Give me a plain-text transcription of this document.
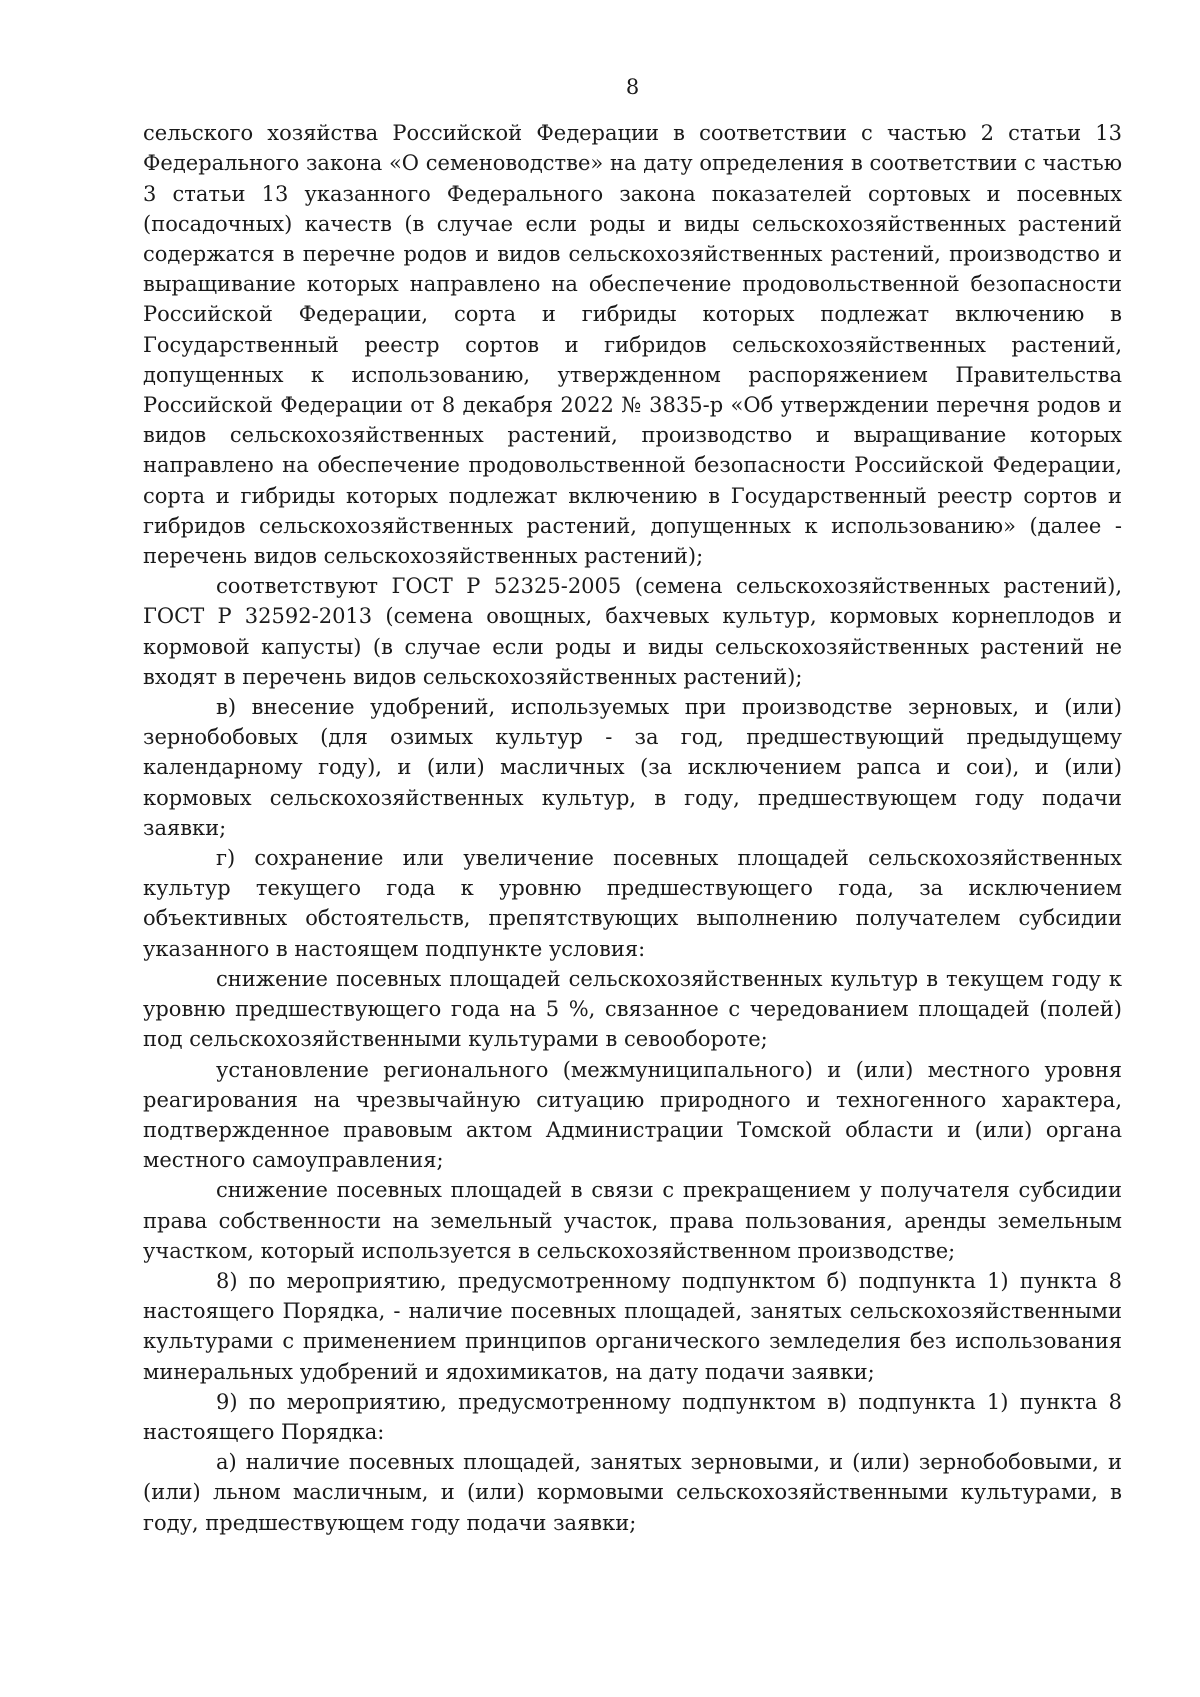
8

сельского хозяйства Российской Федерации в соответствии с частью 2 статьи 13 Федерального закона «О семеноводстве» на дату определения в соответствии с частью 3 статьи 13 указанного Федерального закона показателей сортовых и посевных (посадочных) качеств (в случае если роды и виды сельскохозяйственных растений содержатся в перечне родов и видов сельскохозяйственных растений, производство и выращивание которых направлено на обеспечение продовольственной безопасности Российской Федерации, сорта и гибриды которых подлежат включению в Государственный реестр сортов и гибридов сельскохозяйственных растений, допущенных к использованию, утвержденном распоряжением Правительства Российской Федерации от 8 декабря 2022 № 3835-р «Об утверждении перечня родов и видов сельскохозяйственных растений, производство и выращивание которых направлено на обеспечение продовольственной безопасности Российской Федерации, сорта и гибриды которых подлежат включению в Государственный реестр сортов и гибридов сельскохозяйственных растений, допущенных к использованию» (далее - перечень видов сельскохозяйственных растений);

соответствуют ГОСТ Р 52325-2005 (семена сельскохозяйственных растений), ГОСТ Р 32592-2013 (семена овощных, бахчевых культур, кормовых корнеплодов и кормовой капусты) (в случае если роды и виды сельскохозяйственных растений не входят в перечень видов сельскохозяйственных растений);

в) внесение удобрений, используемых при производстве зерновых, и (или) зернобобовых (для озимых культур - за год, предшествующий предыдущему календарному году), и (или) масличных (за исключением рапса и сои), и (или) кормовых сельскохозяйственных культур, в году, предшествующем году подачи заявки;

г) сохранение или увеличение посевных площадей сельскохозяйственных культур текущего года к уровню предшествующего года, за исключением объективных обстоятельств, препятствующих выполнению получателем субсидии указанного в настоящем подпункте условия:

снижение посевных площадей сельскохозяйственных культур в текущем году к уровню предшествующего года на 5 %, связанное с чередованием площадей (полей) под сельскохозяйственными культурами в севообороте;

установление регионального (межмуниципального) и (или) местного уровня реагирования на чрезвычайную ситуацию природного и техногенного характера, подтвержденное правовым актом Администрации Томской области и (или) органа местного самоуправления;

снижение посевных площадей в связи с прекращением у получателя субсидии права собственности на земельный участок, права пользования, аренды земельным участком, который используется в сельскохозяйственном производстве;

8) по мероприятию, предусмотренному подпунктом б) подпункта 1) пункта 8 настоящего Порядка, - наличие посевных площадей, занятых сельскохозяйственными культурами с применением принципов органического земледелия без использования минеральных удобрений и ядохимикатов, на дату подачи заявки;

9) по мероприятию, предусмотренному подпунктом в) подпункта 1) пункта 8 настоящего Порядка:

а) наличие посевных площадей, занятых зерновыми, и (или) зернобобовыми, и (или) льном масличным, и (или) кормовыми сельскохозяйственными культурами, в году, предшествующем году подачи заявки;
